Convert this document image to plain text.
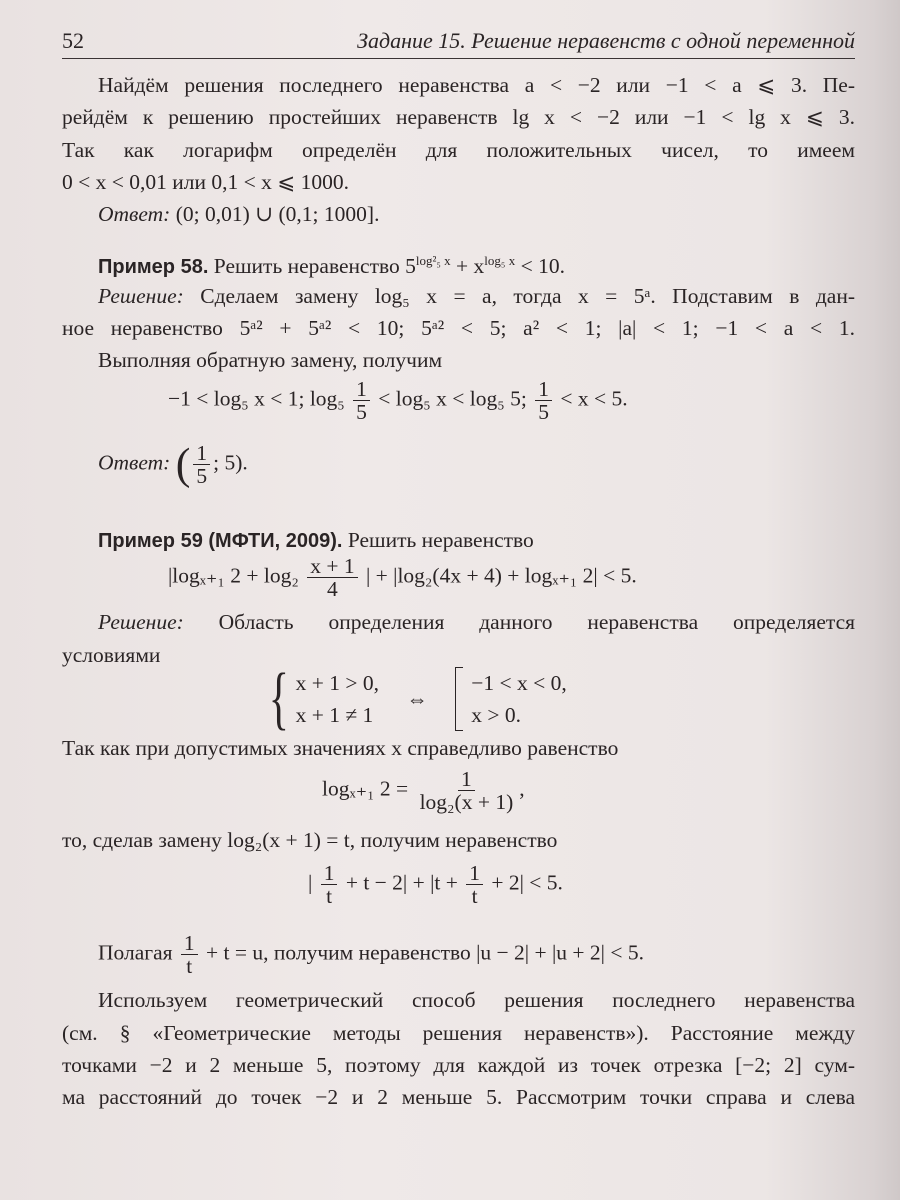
52	Задание 15. Решение неравенств с одной переменной
Найдём решения последнего неравенства a < −2 или −1 < a ⩽ 3. Пе-
рейдём к решению простейших неравенств lg x < −2 или −1 < lg x ⩽ 3.
Так как логарифм определён для положительных чисел, то имеем
0 < x < 0,01 или 0,1 < x ⩽ 1000.
Ответ: (0; 0,01) ∪ (0,1; 1000].
Пример 58. Решить неравенство $5^{log^2_5 x} + x^{log_5 x} < 10$.
Решение: Сделаем замену log₅ x = a, тогда x = 5ᵃ. Подставим в дан-
ное неравенство 5ᵃ² + 5ᵃ² < 10; 5ᵃ² < 5; a² < 1; |a| < 1; −1 < a < 1.
Выполняя обратную замену, получим
−1 < log₅ x < 1; $\log_5 \frac{1}{5} < \log_5$ x < log₅ 5; $\frac{1}{5} < x < 5$.
Ответ: ( $\frac{1}{5}$ ; 5).
Пример 59 (МФТИ, 2009). Решить неравенство
|logₓ₊₁ $2 + \log_2 \frac{x + 1}{4}$ | + |log₂(4x + 4) + logₓ₊₁ 2| < 5.
Решение: Область определения данного неравенства определяется
условиями
{ x + 1 > 0,
x + 1 ≠ 1
⇔
−1 < x < 0,
x > 0.
Так как при допустимых значениях x справедливо равенство
logₓ₊₁ $2 = \frac{1}{\text{log₂(x + 1)}}$ ,
то, сделав замену log₂(x + 1) = t, получим неравенство
| $\frac{1}{t} + t - 2| + |t + \frac{1}{t} + 2| < 5$.
Полагая $\frac{1}{t} + t = u$, получим неравенство |u − 2| + |u + 2| < 5.
Используем геометрический способ решения последнего неравенства
(см. § «Геометрические методы решения неравенств»). Расстояние между
точками −2 и 2 меньше 5, поэтому для каждой из точек отрезка [−2; 2] сум-
ма расстояний до точек −2 и 2 меньше 5. Рассмотрим точки справа и слева
